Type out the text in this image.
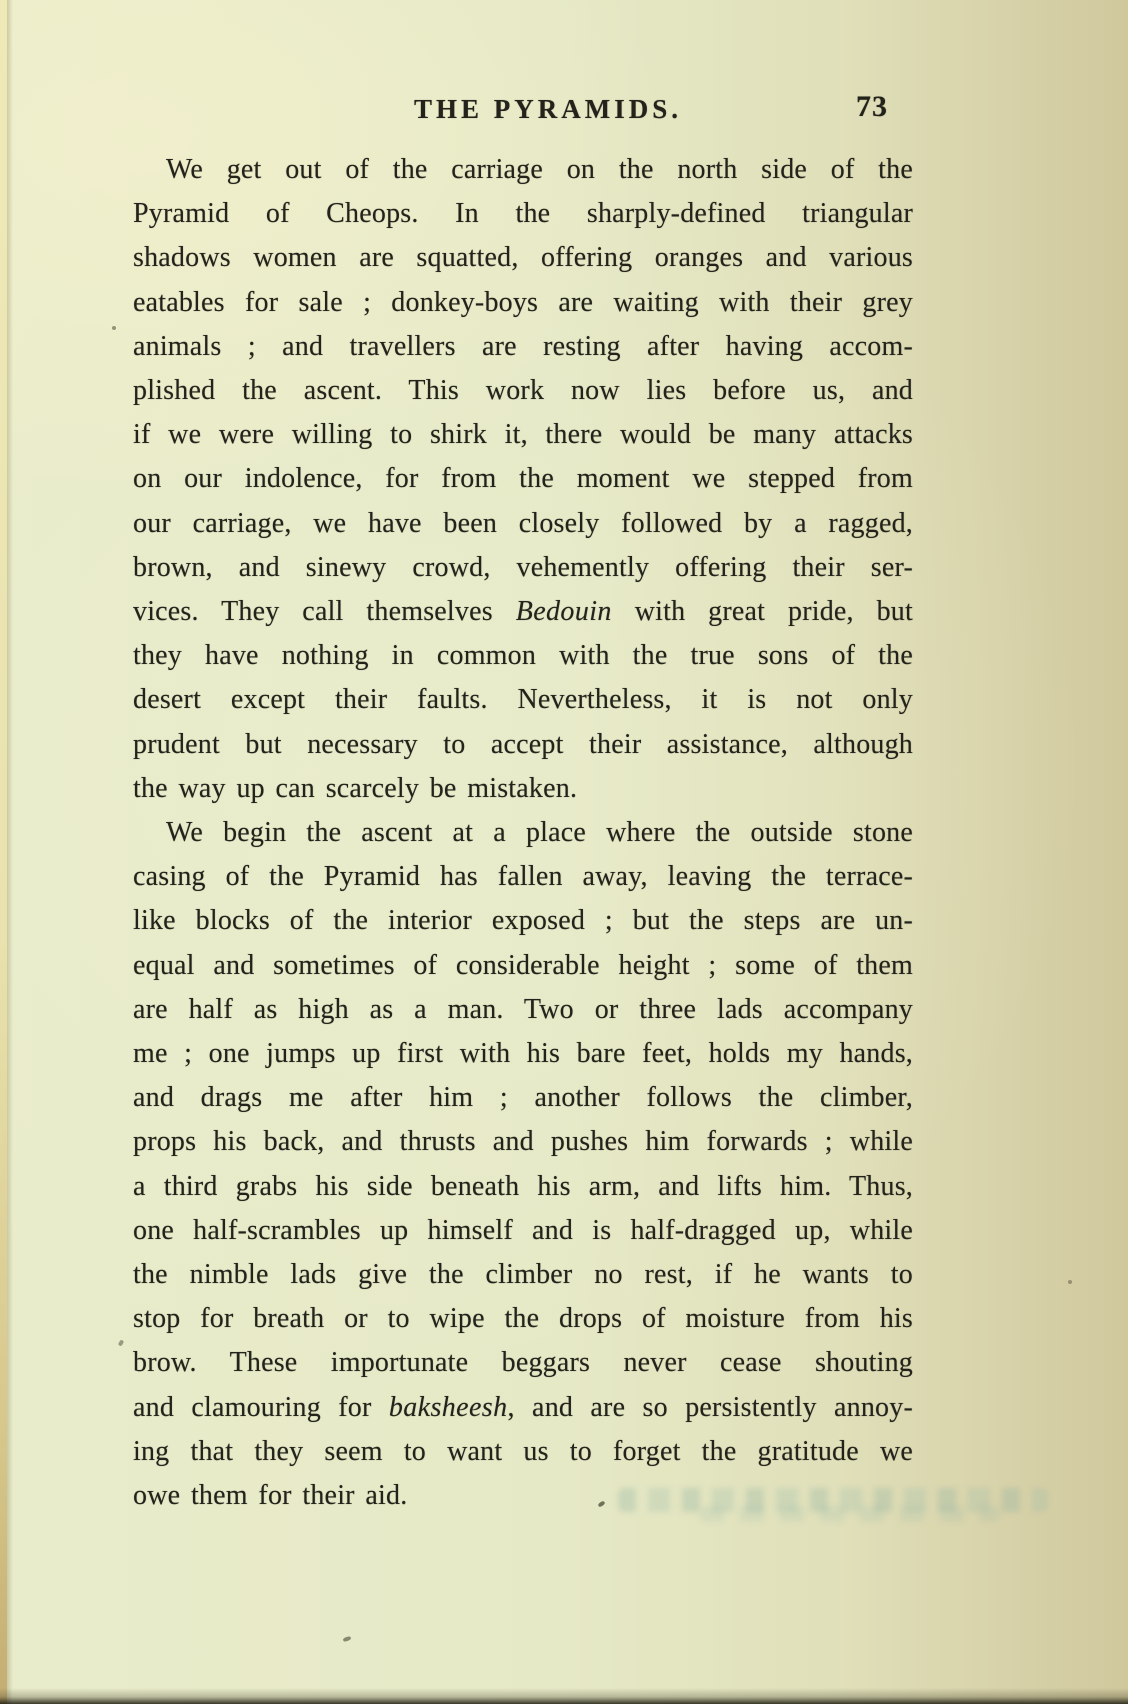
THE PYRAMIDS.	73
We get out of the carriage on the north side of the
Pyramid of Cheops. In the sharply-defined triangular
shadows women are squatted, offering oranges and various
eatables for sale ; donkey-boys are waiting with their grey
animals ; and travellers are resting after having accom-
plished the ascent. This work now lies before us, and
if we were willing to shirk it, there would be many attacks
on our indolence, for from the moment we stepped from
our carriage, we have been closely followed by a ragged,
brown, and sinewy crowd, vehemently offering their ser-
vices. They call themselves Bedouin with great pride, but
they have nothing in common with the true sons of the
desert except their faults. Nevertheless, it is not only
prudent but necessary to accept their assistance, although
the way up can scarcely be mistaken.
We begin the ascent at a place where the outside stone
casing of the Pyramid has fallen away, leaving the terrace-
like blocks of the interior exposed ; but the steps are un-
equal and sometimes of considerable height ; some of them
are half as high as a man. Two or three lads accompany
me ; one jumps up first with his bare feet, holds my hands,
and drags me after him ; another follows the climber,
props his back, and thrusts and pushes him forwards ; while
a third grabs his side beneath his arm, and lifts him. Thus,
one half-scrambles up himself and is half-dragged up, while
the nimble lads give the climber no rest, if he wants to
stop for breath or to wipe the drops of moisture from his
brow. These importunate beggars never cease shouting
and clamouring for baksheesh, and are so persistently annoy-
ing that they seem to want us to forget the gratitude we
owe them for their aid.
